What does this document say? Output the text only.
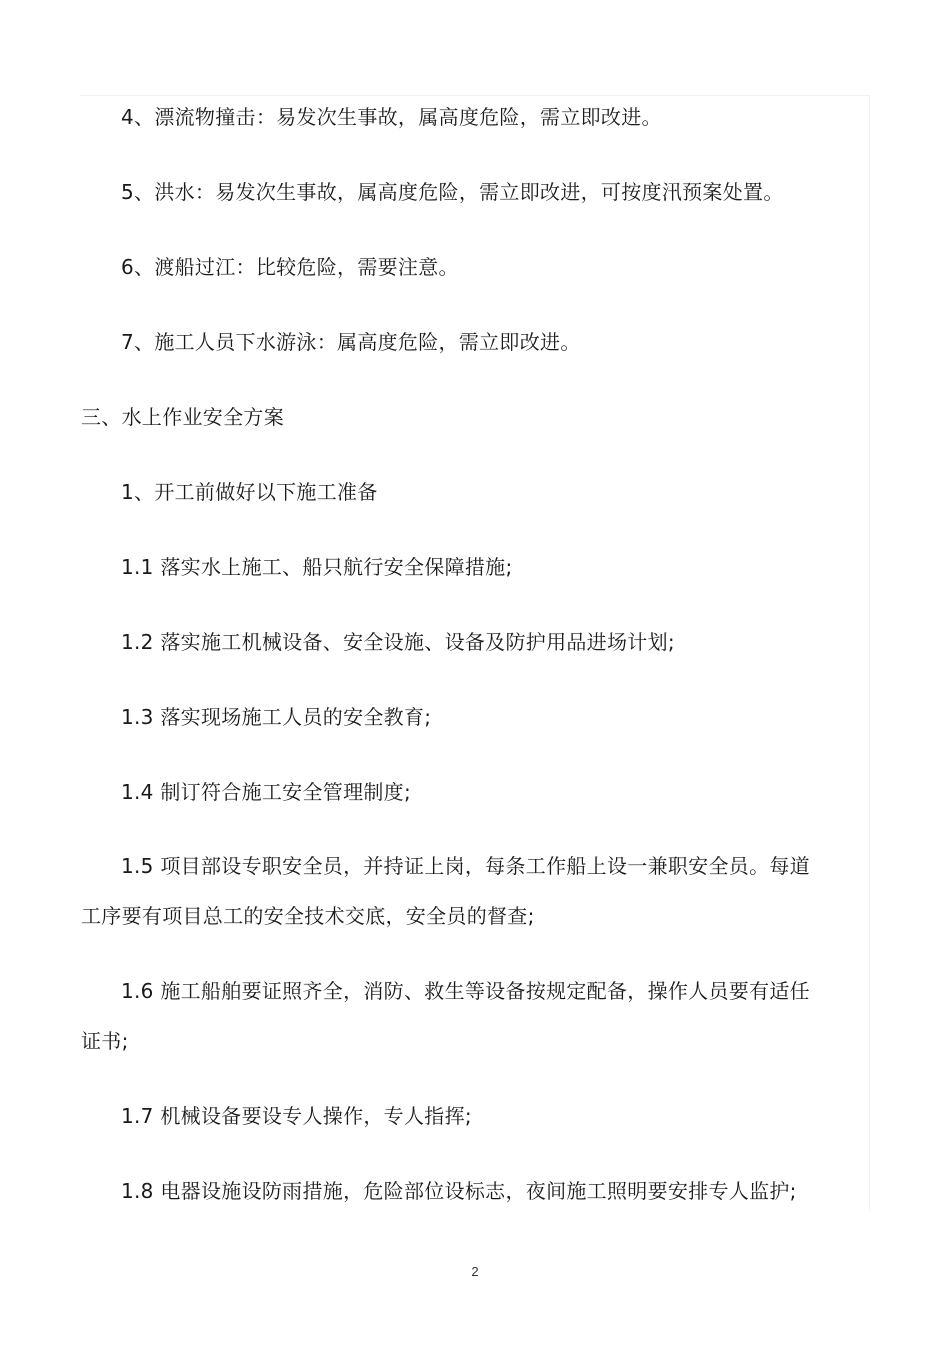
4、漂流物撞击：易发次生事故，属高度危险，需立即改进。
5、洪水：易发次生事故，属高度危险，需立即改进，可按度汛预案处置。
6、渡船过江：比较危险，需要注意。
7、施工人员下水游泳：属高度危险，需立即改进。
三、水上作业安全方案
1、开工前做好以下施工准备
1.1 落实水上施工、船只航行安全保障措施;
1.2 落实施工机械设备、安全设施、设备及防护用品进场计划;
1.3 落实现场施工人员的安全教育;
1.4 制订符合施工安全管理制度;
1.5 项目部设专职安全员，并持证上岗，每条工作船上设一兼职安全员。每道
工序要有项目总工的安全技术交底，安全员的督查;
1.6 施工船舶要证照齐全，消防、救生等设备按规定配备，操作人员要有适任
证书;
1.7 机械设备要设专人操作，专人指挥;
1.8 电器设施设防雨措施，危险部位设标志，夜间施工照明要安排专人监护;
2
